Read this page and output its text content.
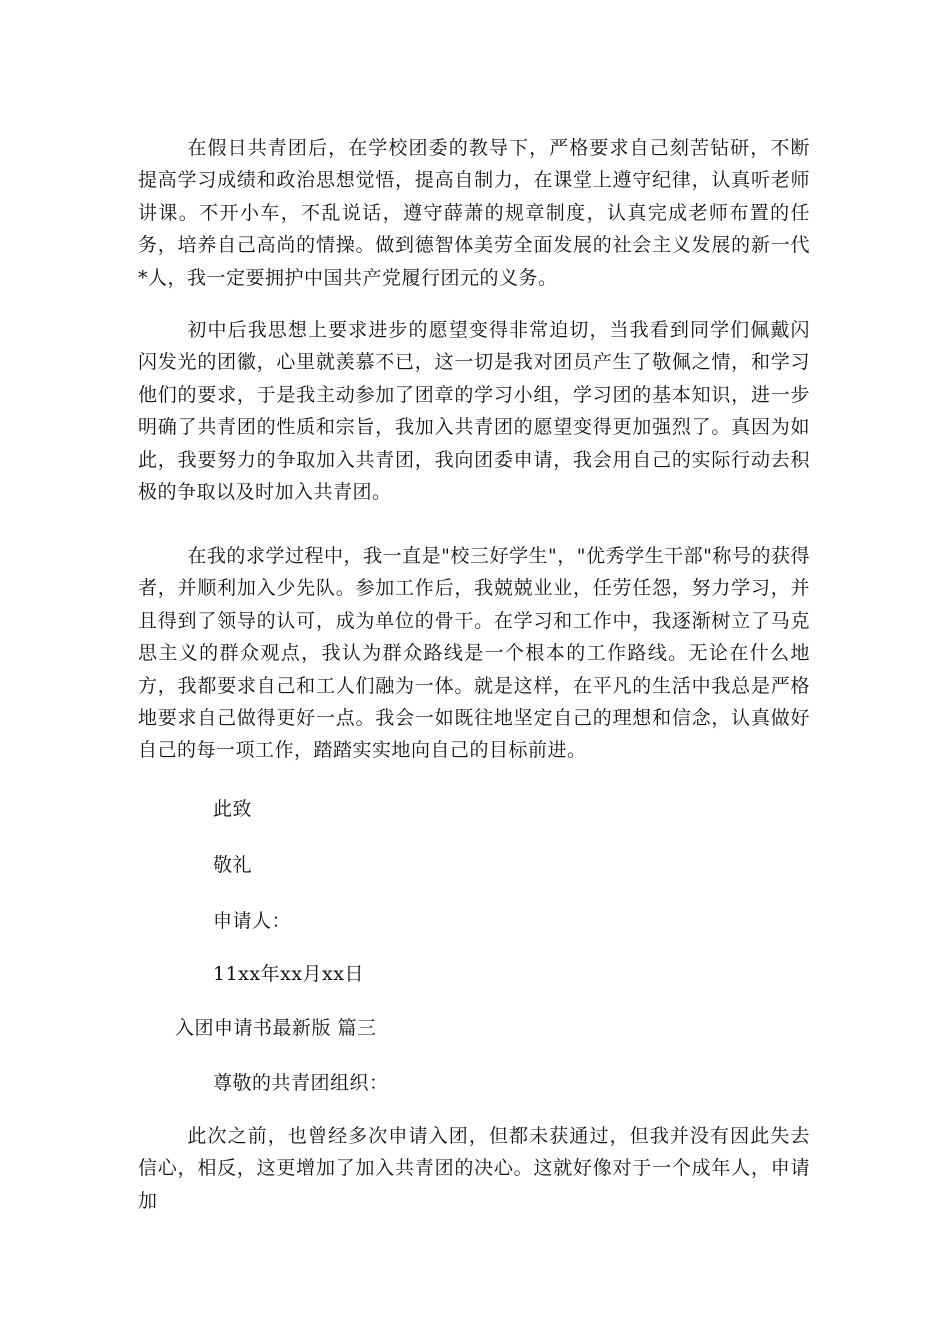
在假日共青团后，在学校团委的教导下，严格要求自己刻苦钻研，不断提高学习成绩和政治思想觉悟，提高自制力，在课堂上遵守纪律，认真听老师讲课。不开小车，不乱说话，遵守薛萧的规章制度，认真完成老师布置的任务，培养自己高尚的情操。做到德智体美劳全面发展的社会主义发展的新一代*人，我一定要拥护中国共产党履行团元的义务。

初中后我思想上要求进步的愿望变得非常迫切，当我看到同学们佩戴闪闪发光的团徽，心里就羡慕不已，这一切是我对团员产生了敬佩之情，和学习他们的要求，于是我主动参加了团章的学习小组，学习团的基本知识，进一步明确了共青团的性质和宗旨，我加入共青团的愿望变得更加强烈了。真因为如此，我要努力的争取加入共青团，我向团委申请，我会用自己的实际行动去积极的争取以及时加入共青团。

在我的求学过程中，我一直是"校三好学生"，"优秀学生干部"称号的获得者，并顺利加入少先队。参加工作后，我兢兢业业，任劳任怨，努力学习，并且得到了领导的认可，成为单位的骨干。在学习和工作中，我逐渐树立了马克思主义的群众观点，我认为群众路线是一个根本的工作路线。无论在什么地方，我都要求自己和工人们融为一体。就是这样，在平凡的生活中我总是严格地要求自己做得更好一点。我会一如既往地坚定自己的理想和信念，认真做好自己的每一项工作，踏踏实实地向自己的目标前进。

此致

敬礼

申请人：

11xx年xx月xx日

入团申请书最新版 篇三

尊敬的共青团组织：

此次之前，也曾经多次申请入团，但都未获通过，但我并没有因此失去信心，相反，这更增加了加入共青团的决心。这就好像对于一个成年人，申请加
